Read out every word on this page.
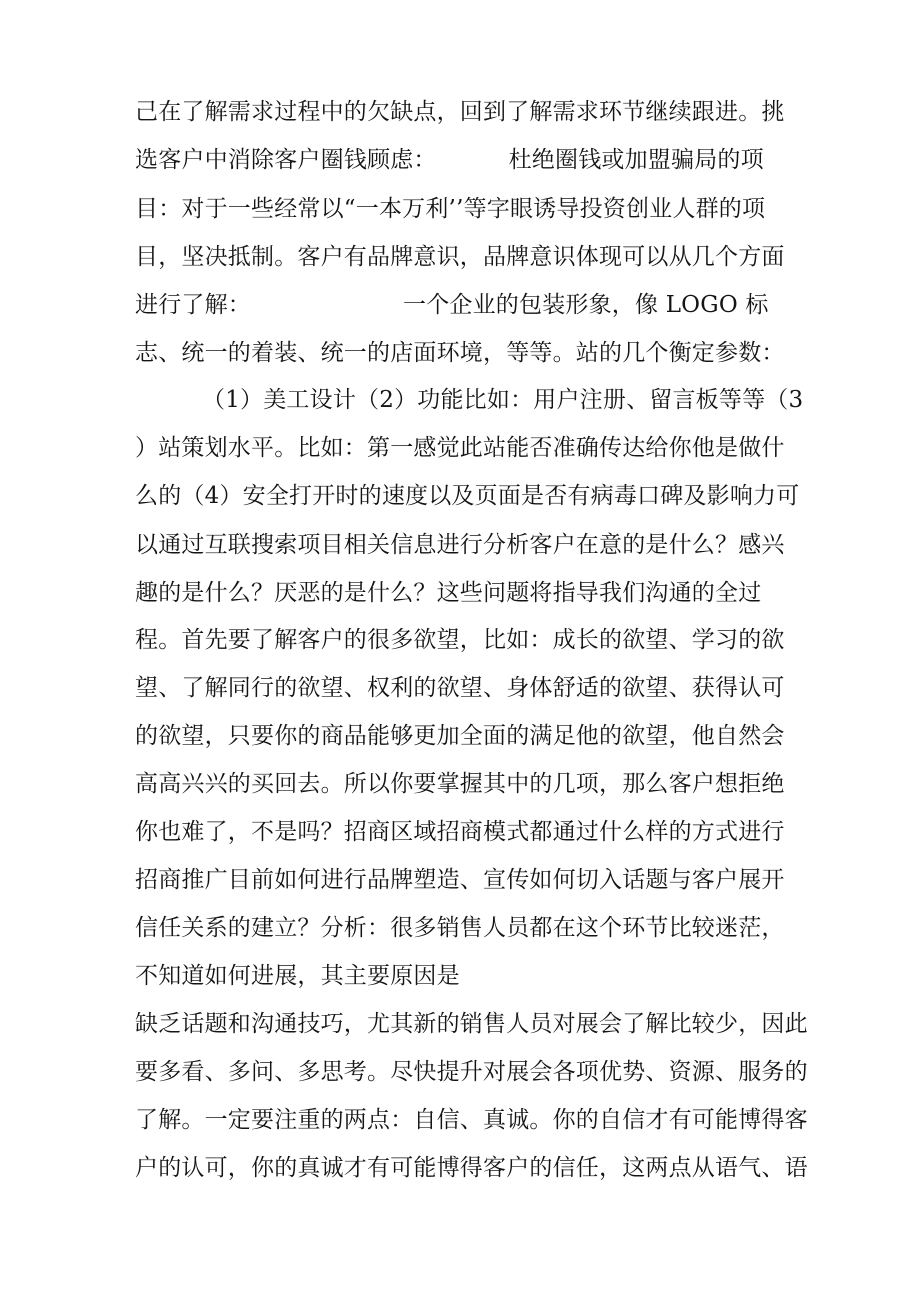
己在了解需求过程中的欠缺点，回到了解需求环节继续跟进。挑
选客户中消除客户圈钱顾虑：	杜绝圈钱或加盟骗局的项
目：对于一些经常以“一本万利’’等字眼诱导投资创业人群的项
目，坚决抵制。客户有品牌意识，品牌意识体现可以从几个方面
进行了解：	一个企业的包装形象，像 LOGO 标
志、统一的着装、统一的店面环境，等等。站的几个衡定参数：
（1）美工设计（2）功能比如：用户注册、留言板等等（3
）站策划水平。比如：第一感觉此站能否准确传达给你他是做什
么的（4）安全打开时的速度以及页面是否有病毒口碑及影响力可
以通过互联搜索项目相关信息进行分析客户在意的是什么？感兴
趣的是什么？厌恶的是什么？这些问题将指导我们沟通的全过
程。首先要了解客户的很多欲望，比如：成长的欲望、学习的欲
望、了解同行的欲望、权利的欲望、身体舒适的欲望、获得认可
的欲望，只要你的商品能够更加全面的满足他的欲望，他自然会
高高兴兴的买回去。所以你要掌握其中的几项，那么客户想拒绝
你也难了，不是吗？招商区域招商模式都通过什么样的方式进行
招商推广目前如何进行品牌塑造、宣传如何切入话题与客户展开
信任关系的建立？分析：很多销售人员都在这个环节比较迷茫，
不知道如何进展，其主要原因是
缺乏话题和沟通技巧，尤其新的销售人员对展会了解比较少，因此
要多看、多问、多思考。尽快提升对展会各项优势、资源、服务的
了解。一定要注重的两点：自信、真诚。你的自信才有可能博得客
户的认可，你的真诚才有可能博得客户的信任，这两点从语气、语
